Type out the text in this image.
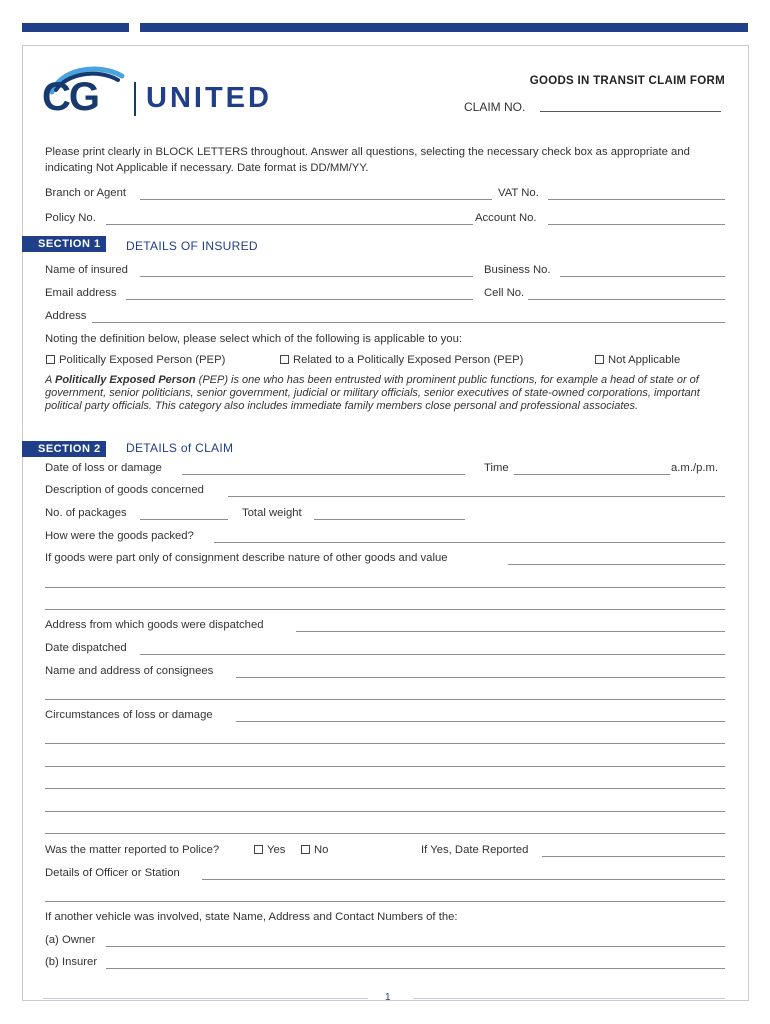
CG UNITED
GOODS IN TRANSIT CLAIM FORM
CLAIM NO.
Please print clearly in BLOCK LETTERS throughout. Answer all questions, selecting the necessary check box as appropriate and indicating Not Applicable if necessary. Date format is DD/MM/YY.
Branch or Agent	VAT No.
Policy No.	Account No.
SECTION 1	DETAILS OF INSURED
Name of insured	Business No.
Email address	Cell No.
Address
Noting the definition below, please select which of the following is applicable to you:
Politically Exposed Person (PEP)	Related to a Politically Exposed Person (PEP)	Not Applicable
A Politically Exposed Person (PEP) is one who has been entrusted with prominent public functions, for example a head of state or of government, senior politicians, senior government, judicial or military officials, senior executives of state-owned corporations, important political party officials. This category also includes immediate family members close personal and professional associates.
SECTION 2	DETAILS of CLAIM
Date of loss or damage	Time	a.m./p.m.
Description of goods concerned
No. of packages	Total weight
How were the goods packed?
If goods were part only of consignment describe nature of other goods and value
Address from which goods were dispatched
Date dispatched
Name and address of consignees
Circumstances of loss or damage
Was the matter reported to Police?	Yes	No	If Yes, Date Reported
Details of Officer or Station
If another vehicle was involved, state Name, Address and Contact Numbers of the:
(a) Owner
(b) Insurer
1
